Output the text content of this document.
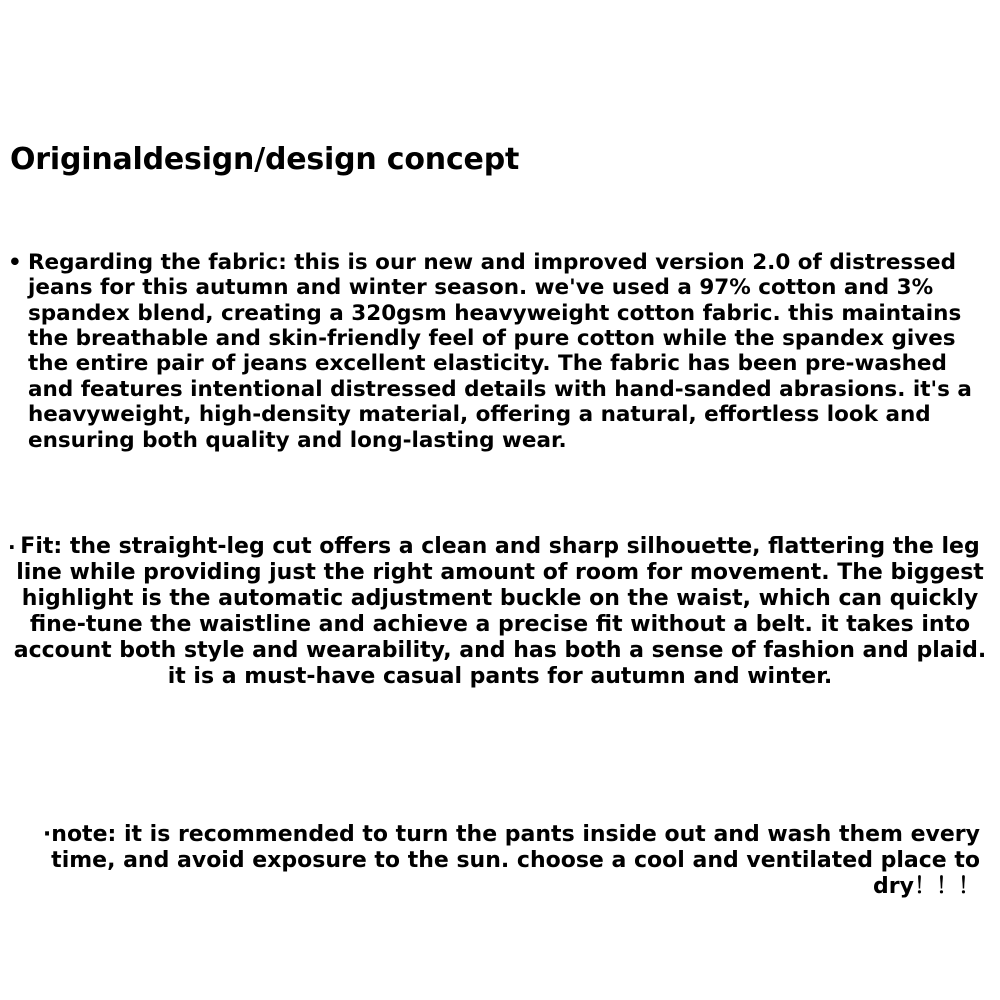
Originaldesign/design concept
• Regarding the fabric: this is our new and improved version 2.0 of distressed jeans for this autumn and winter season. we've used a 97% cotton and 3% spandex blend, creating a 320gsm heavyweight cotton fabric. this maintains the breathable and skin-friendly feel of pure cotton while the spandex gives the entire pair of jeans excellent elasticity. The fabric has been pre-washed and features intentional distressed details with hand-sanded abrasions. it's a heavyweight, high-density material, offering a natural, effortless look and ensuring both quality and long-lasting wear.
· Fit: the straight-leg cut offers a clean and sharp silhouette, flattering the leg line while providing just the right amount of room for movement. The biggest highlight is the automatic adjustment buckle on the waist, which can quickly fine-tune the waistline and achieve a precise fit without a belt. it takes into account both style and wearability, and has both a sense of fashion and plaid. it is a must-have casual pants for autumn and winter.
·note: it is recommended to turn the pants inside out and wash them every time, and avoid exposure to the sun. choose a cool and ventilated place to dry！！！
